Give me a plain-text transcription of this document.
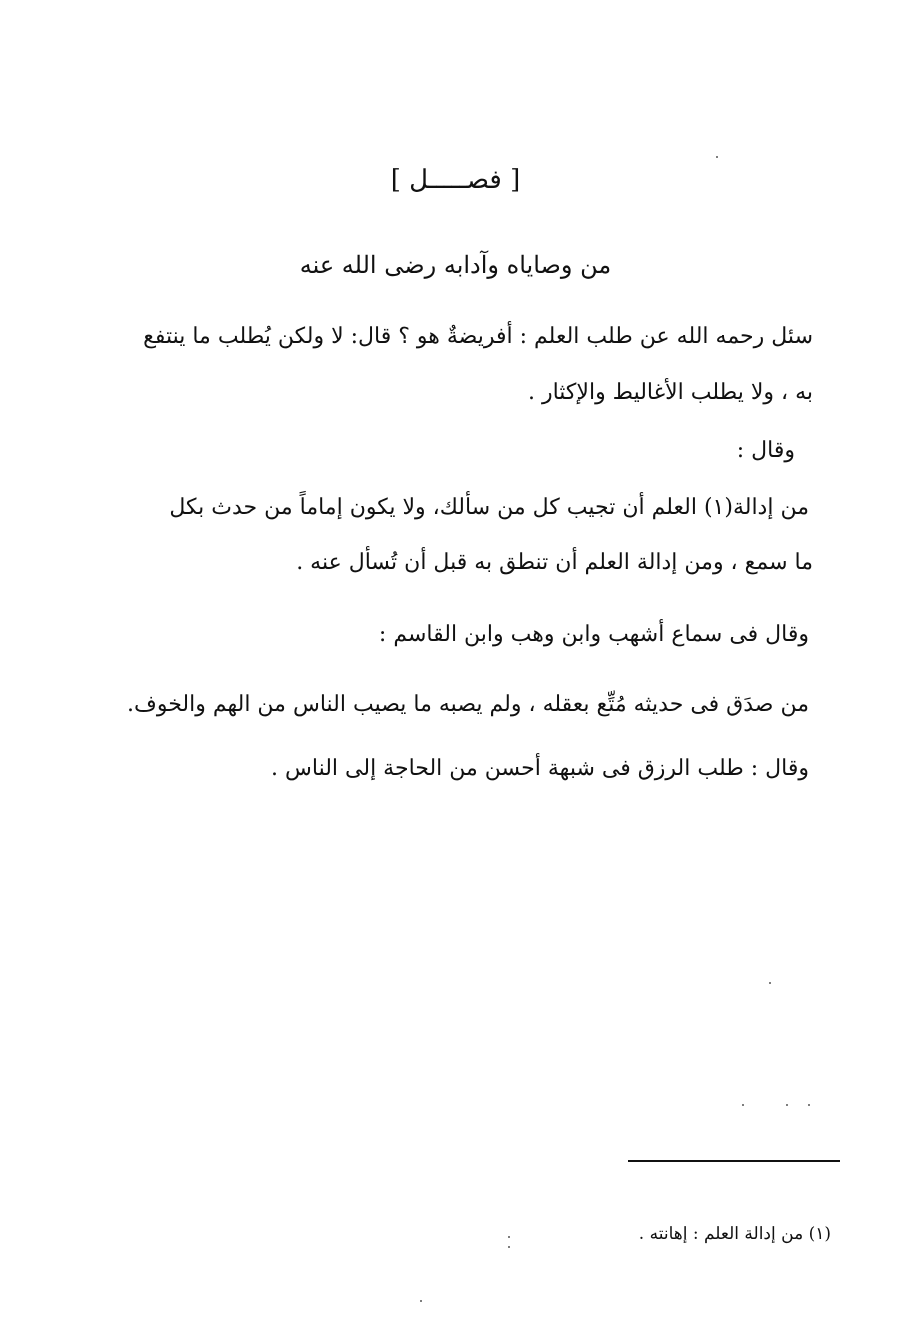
[ فصـــــل ]
من وصاياه وآدابه رضى الله عنه
سئل رحمه الله عن طلب العلم : أفريضةٌ هو ؟ قال: لا ولكن يُطلب ما ينتفع
به ، ولا يطلب الأغاليط والإكثار .
وقال :
من إدالة(١) العلم أن تجيب كل من سألك، ولا يكون إماماً من حدث بكل
ما سمع ، ومن إدالة العلم أن تنطق به قبل أن تُسأل عنه .
وقال فى سماع أشهب وابن وهب وابن القاسم :
من صدَق فى حديثه مُتِّع بعقله ، ولم يصبه ما يصيب الناس من الهم والخوف.
وقال : طلب الرزق فى شبهة أحسن من الحاجة إلى الناس .
(١) من إدالة العلم : إهانته .
